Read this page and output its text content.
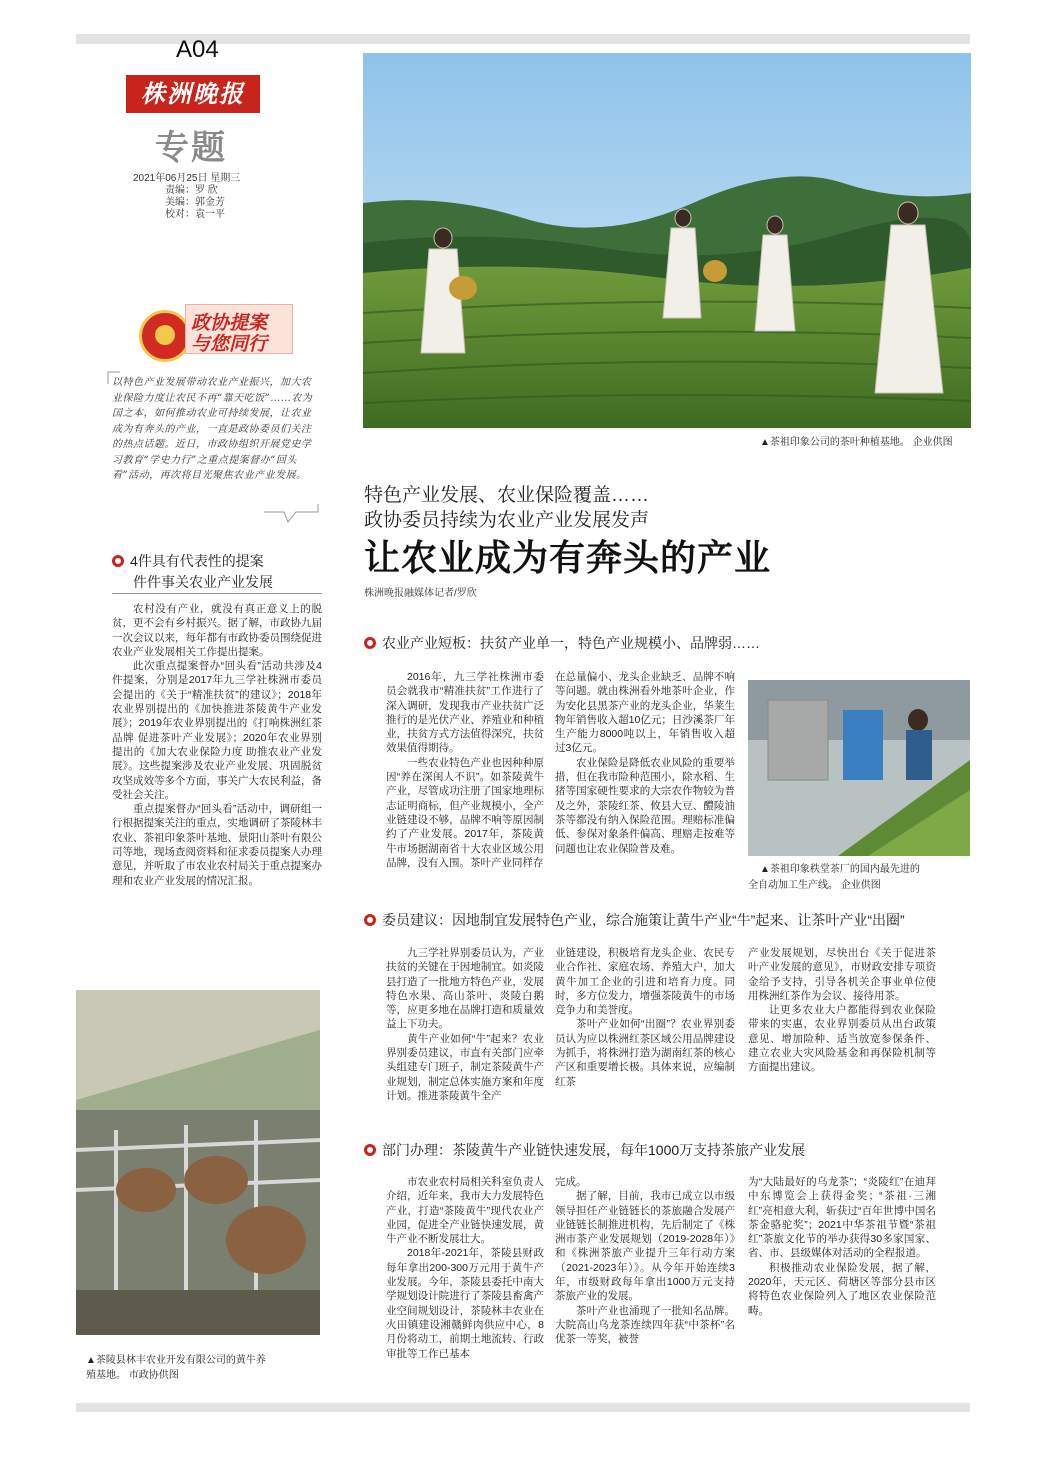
A04
株洲晚报
专题
2021年06月25日 星期三
责编：罗 欣
美编：郭金芳
校对：袁一平
政协提案
与您同行
以特色产业发展带动农业产业振兴，加大农业保险力度让农民不再“靠天吃饭”……农为国之本，如何推动农业可持续发展，让农业成为有奔头的产业，一直是政协委员们关注的热点话题。近日，市政协组织开展党史学习教育“学史力行”之重点提案督办“回头看”活动，再次将目光聚焦农业产业发展。
▲茶祖印象公司的茶叶种植基地。 企业供图
特色产业发展、农业保险覆盖……
政协委员持续为农业产业发展发声
让农业成为有奔头的产业
株洲晚报融媒体记者/罗欣
4件具有代表性的提案
件件事关农业产业发展

农村没有产业，就没有真正意义上的脱贫，更不会有乡村振兴。据了解，市政协九届一次会议以来，每年都有市政协委员围绕促进农业产业发展相关工作提出提案。

此次重点提案督办“回头看”活动共涉及4件提案，分别是2017年九三学社株洲市委员会提出的《关于“精准扶贫”的建议》；2018年农业界别提出的《加快推进茶陵黄牛产业发展》；2019年农业界别提出的《打响株洲红茶品牌 促进茶叶产业发展》；2020年农业界别提出的《加大农业保险力度 助推农业产业发展》。这些提案涉及农业产业发展、巩固脱贫攻坚成效等多个方面，事关广大农民利益，备受社会关注。

重点提案督办“回头看”活动中，调研组一行根据提案关注的重点，实地调研了茶陵林丰农业、茶祖印象茶叶基地、景阳山茶叶有限公司等地，现场查阅资料和征求委员提案人办理意见，并听取了市农业农村局关于重点提案办理和农业产业发展的情况汇报。

▲茶陵县林丰农业开发有限公司的黄牛养
殖基地。 市政协供图
农业产业短板：扶贫产业单一，特色产业规模小、品牌弱……

2016年，九三学社株洲市委员会就我市“精准扶贫”工作进行了深入调研，发现我市产业扶贫广泛推行的是光伏产业、养殖业和种植业，扶贫方式方法值得深究，扶贫效果值得期待。

一些农业特色产业也因种种原因“养在深闺人不识”。如茶陵黄牛产业，尽管成功注册了国家地理标志证明商标，但产业规模小，全产业链建设不够，品牌不响等原因制约了产业发展。2017年，茶陵黄牛市场据湖南省十大农业区域公用品牌，没有入围。茶叶产业同样存

在总量偏小、龙头企业缺乏、品牌不响等问题。就由株洲看外地茶叶企业，作为安化县黑茶产业的龙头企业，华莱生物年销售收入超10亿元；日沙溪茶厂年生产能力8000吨以上，年销售收入超过3亿元。

农业保险是降低农业风险的重要举措，但在我市险种范围小，除水稻、生猪等国家硬性要求的大宗农作物较为普及之外，茶陵红茶、攸县大豆、醴陵油茶等都没有纳入保险范围。理赔标准偏低、参保对象条件偏高、理赔走按难等问题也让农业保险普及难。

▲茶祖印象秩堂茶厂的国内最先进的
全自动加工生产线。 企业供图
委员建议：因地制宜发展特色产业，综合施策让黄牛产业“牛”起来、让茶叶产业“出圈”

九三学社界别委员认为，产业扶贫的关键在于因地制宜。如炎陵县打造了一批地方特色产业，发展特色水果、高山茶叶、炎陵白鹅等，应更多地在品牌打造和质量效益上下功夫。

黄牛产业如何“牛”起来？农业界别委员建议，市直有关部门应牵头组建专门班子，制定茶陵黄牛产业规划，制定总体实施方案和年度计划。推进茶陵黄牛全产

业链建设，积极培育龙头企业、农民专业合作社、家庭农场、养殖大户，加大黄牛加工企业的引进和培育力度。同时，多方位发力，增强茶陵黄牛的市场竞争力和美誉度。

茶叶产业如何“出圈”？农业界别委员认为应以株洲红茶区域公用品牌建设为抓手，将株洲打造为湖南红茶的核心产区和重要增长极。具体来说，应编制红茶

产业发展规划，尽快出台《关于促进茶叶产业发展的意见》，市财政安排专项资金给予支持，引导各机关企事业单位使用株洲红茶作为会议、接待用茶。

让更多农业大户都能得到农业保险带来的实惠，农业界别委员从出台政策意见、增加险种、适当放宽参保条件、建立农业大灾风险基金和再保险机制等方面提出建议。

部门办理：茶陵黄牛产业链快速发展，每年1000万支持茶旅产业发展

市农业农村局相关科室负责人介绍，近年来，我市大力发展特色产业，打造“茶陵黄牛”现代农业产业园，促进全产业链快速发展，黄牛产业不断发展壮大。

2018年-2021年，茶陵县财政每年拿出200-300万元用于黄牛产业发展。今年，茶陵县委托中南大学规划设计院进行了茶陵县畜禽产业空间规划设计，茶陵林丰农业在火田镇建设湘赣鲜肉供应中心，8月份将动工，前期土地流转、行政审批等工作已基本

完成。

据了解，目前，我市已成立以市级领导担任产业链链长的茶旅融合发展产业链链长制推进机构，先后制定了《株洲市茶产业发展规划（2019-2028年）》和《株洲茶旅产业提升三年行动方案（2021-2023年）》。从今年开始连续3年，市级财政每年拿出1000万元支持茶旅产业的发展。

茶叶产业也涌现了一批知名品牌。大院高山乌龙茶连续四年获“中茶杯”名优茶一等奖，被誉

为“大陆最好的乌龙茶”；“炎陵红”在迪拜中东博览会上获得金奖；“茶祖·三湘红”亮相意大利，斩获过“百年世博中国名茶金骆驼奖”；2021中华茶祖节暨“茶祖红”茶旅文化节的举办获得30多家国家、省、市、县级媒体对活动的全程报道。

积极推动农业保险发展，据了解，2020年，天元区、荷塘区等部分县市区将特色农业保险列入了地区农业保险范畴。
